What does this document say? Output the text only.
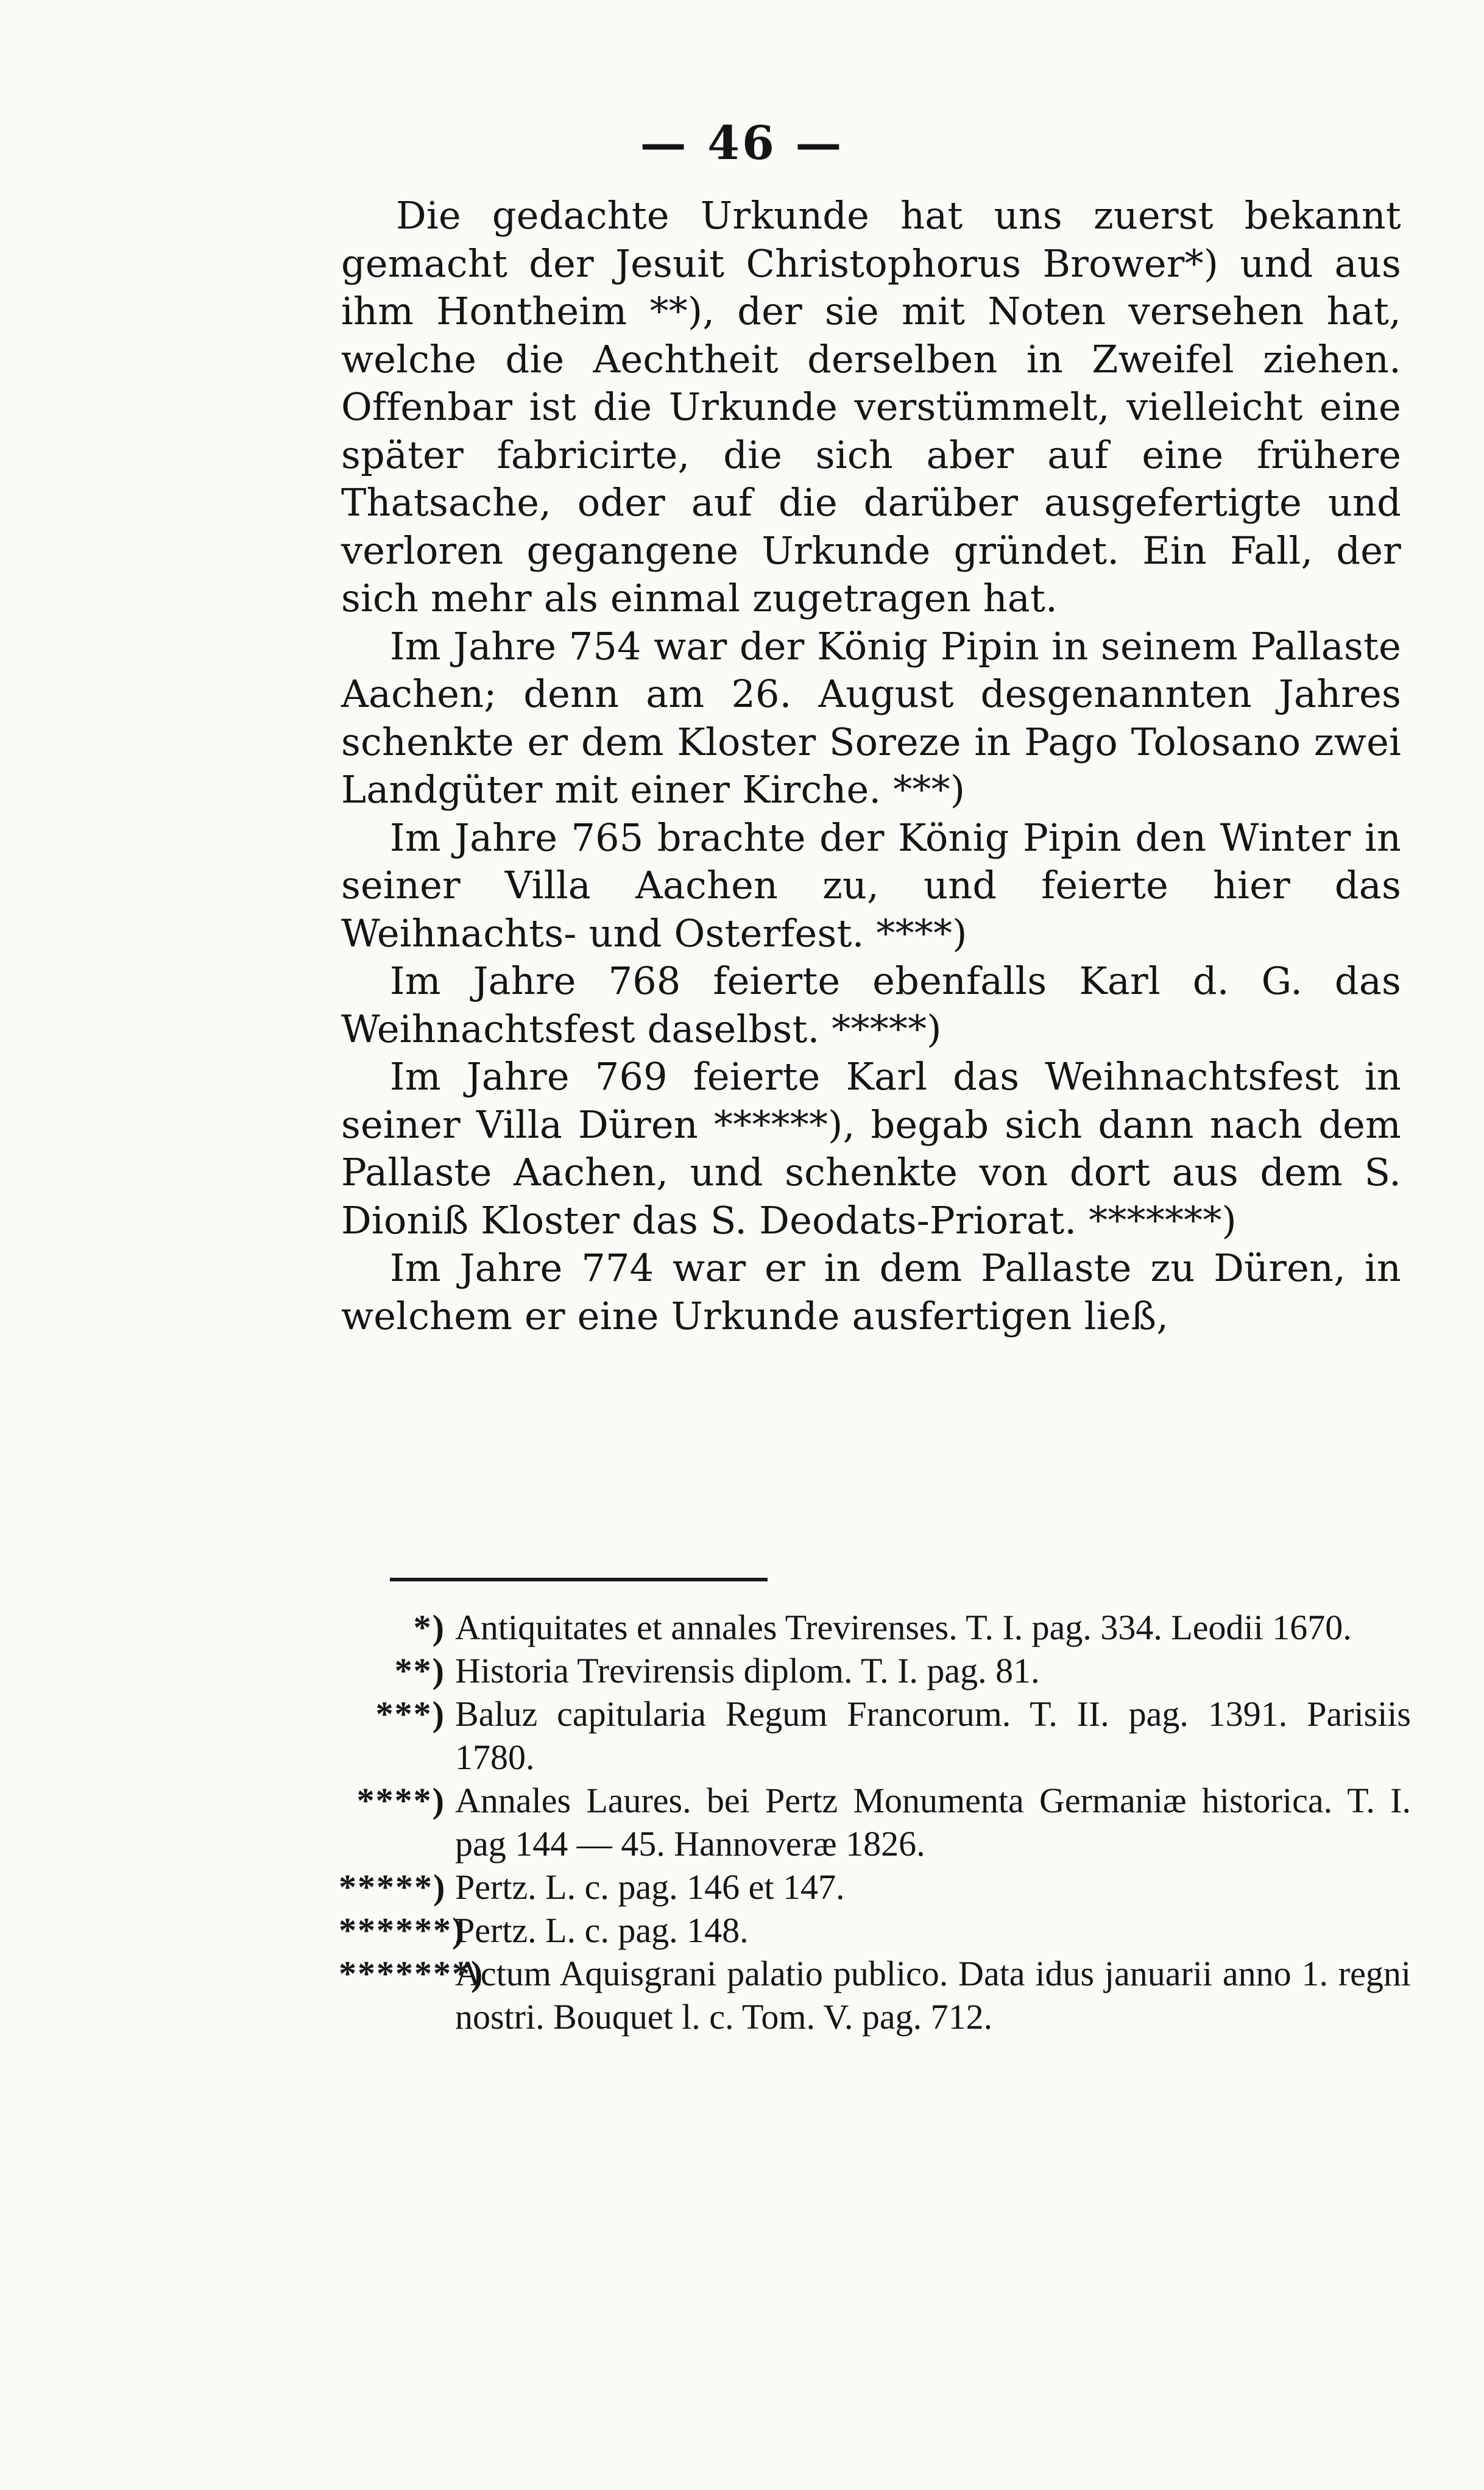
— 46 —

Die gedachte Urkunde hat uns zuerst bekannt gemacht der Jesuit Christophorus Brower*) und aus ihm Hontheim **), der sie mit Noten versehen hat, welche die Aechtheit derselben in Zweifel ziehen. Offenbar ist die Urkunde verstümmelt, vielleicht eine später fabricirte, die sich aber auf eine frühere Thatsache, oder auf die darüber ausgefertigte und verloren gegangene Urkunde gründet. Ein Fall, der sich mehr als einmal zugetragen hat.

Im Jahre 754 war der König Pipin in seinem Pallaste Aachen; denn am 26. August desgenannten Jahres schenkte er dem Kloster Soreze in Pago Tolosano zwei Landgüter mit einer Kirche. ***)

Im Jahre 765 brachte der König Pipin den Winter in seiner Villa Aachen zu, und feierte hier das Weihnachts- und Osterfest. ****)

Im Jahre 768 feierte ebenfalls Karl d. G. das Weihnachtsfest daselbst. *****)

Im Jahre 769 feierte Karl das Weihnachtsfest in seiner Villa Düren ******), begab sich dann nach dem Pallaste Aachen, und schenkte von dort aus dem S. Dioniß Kloster das S. Deodats-Priorat. *******)

Im Jahre 774 war er in dem Pallaste zu Düren, in welchem er eine Urkunde ausfertigen ließ,

*) Antiquitates et annales Trevirenses. T. I. pag. 334. Leodii 1670.
**) Historia Trevirensis diplom. T. I. pag. 81.
***) Baluz capitularia Regum Francorum. T. II. pag. 1391. Parisiis 1780.
****) Annales Laures. bei Pertz Monumenta Germaniæ historica. T. I. pag 144 — 45. Hannoveræ 1826.
*****) Pertz. L. c. pag. 146 et 147.
******)
Pertz. L. c. pag. 148.
*******)
Actum Aquisgrani palatio publico. Data idus januarii anno 1. regni nostri. Bouquet l. c. Tom. V. pag. 712.
